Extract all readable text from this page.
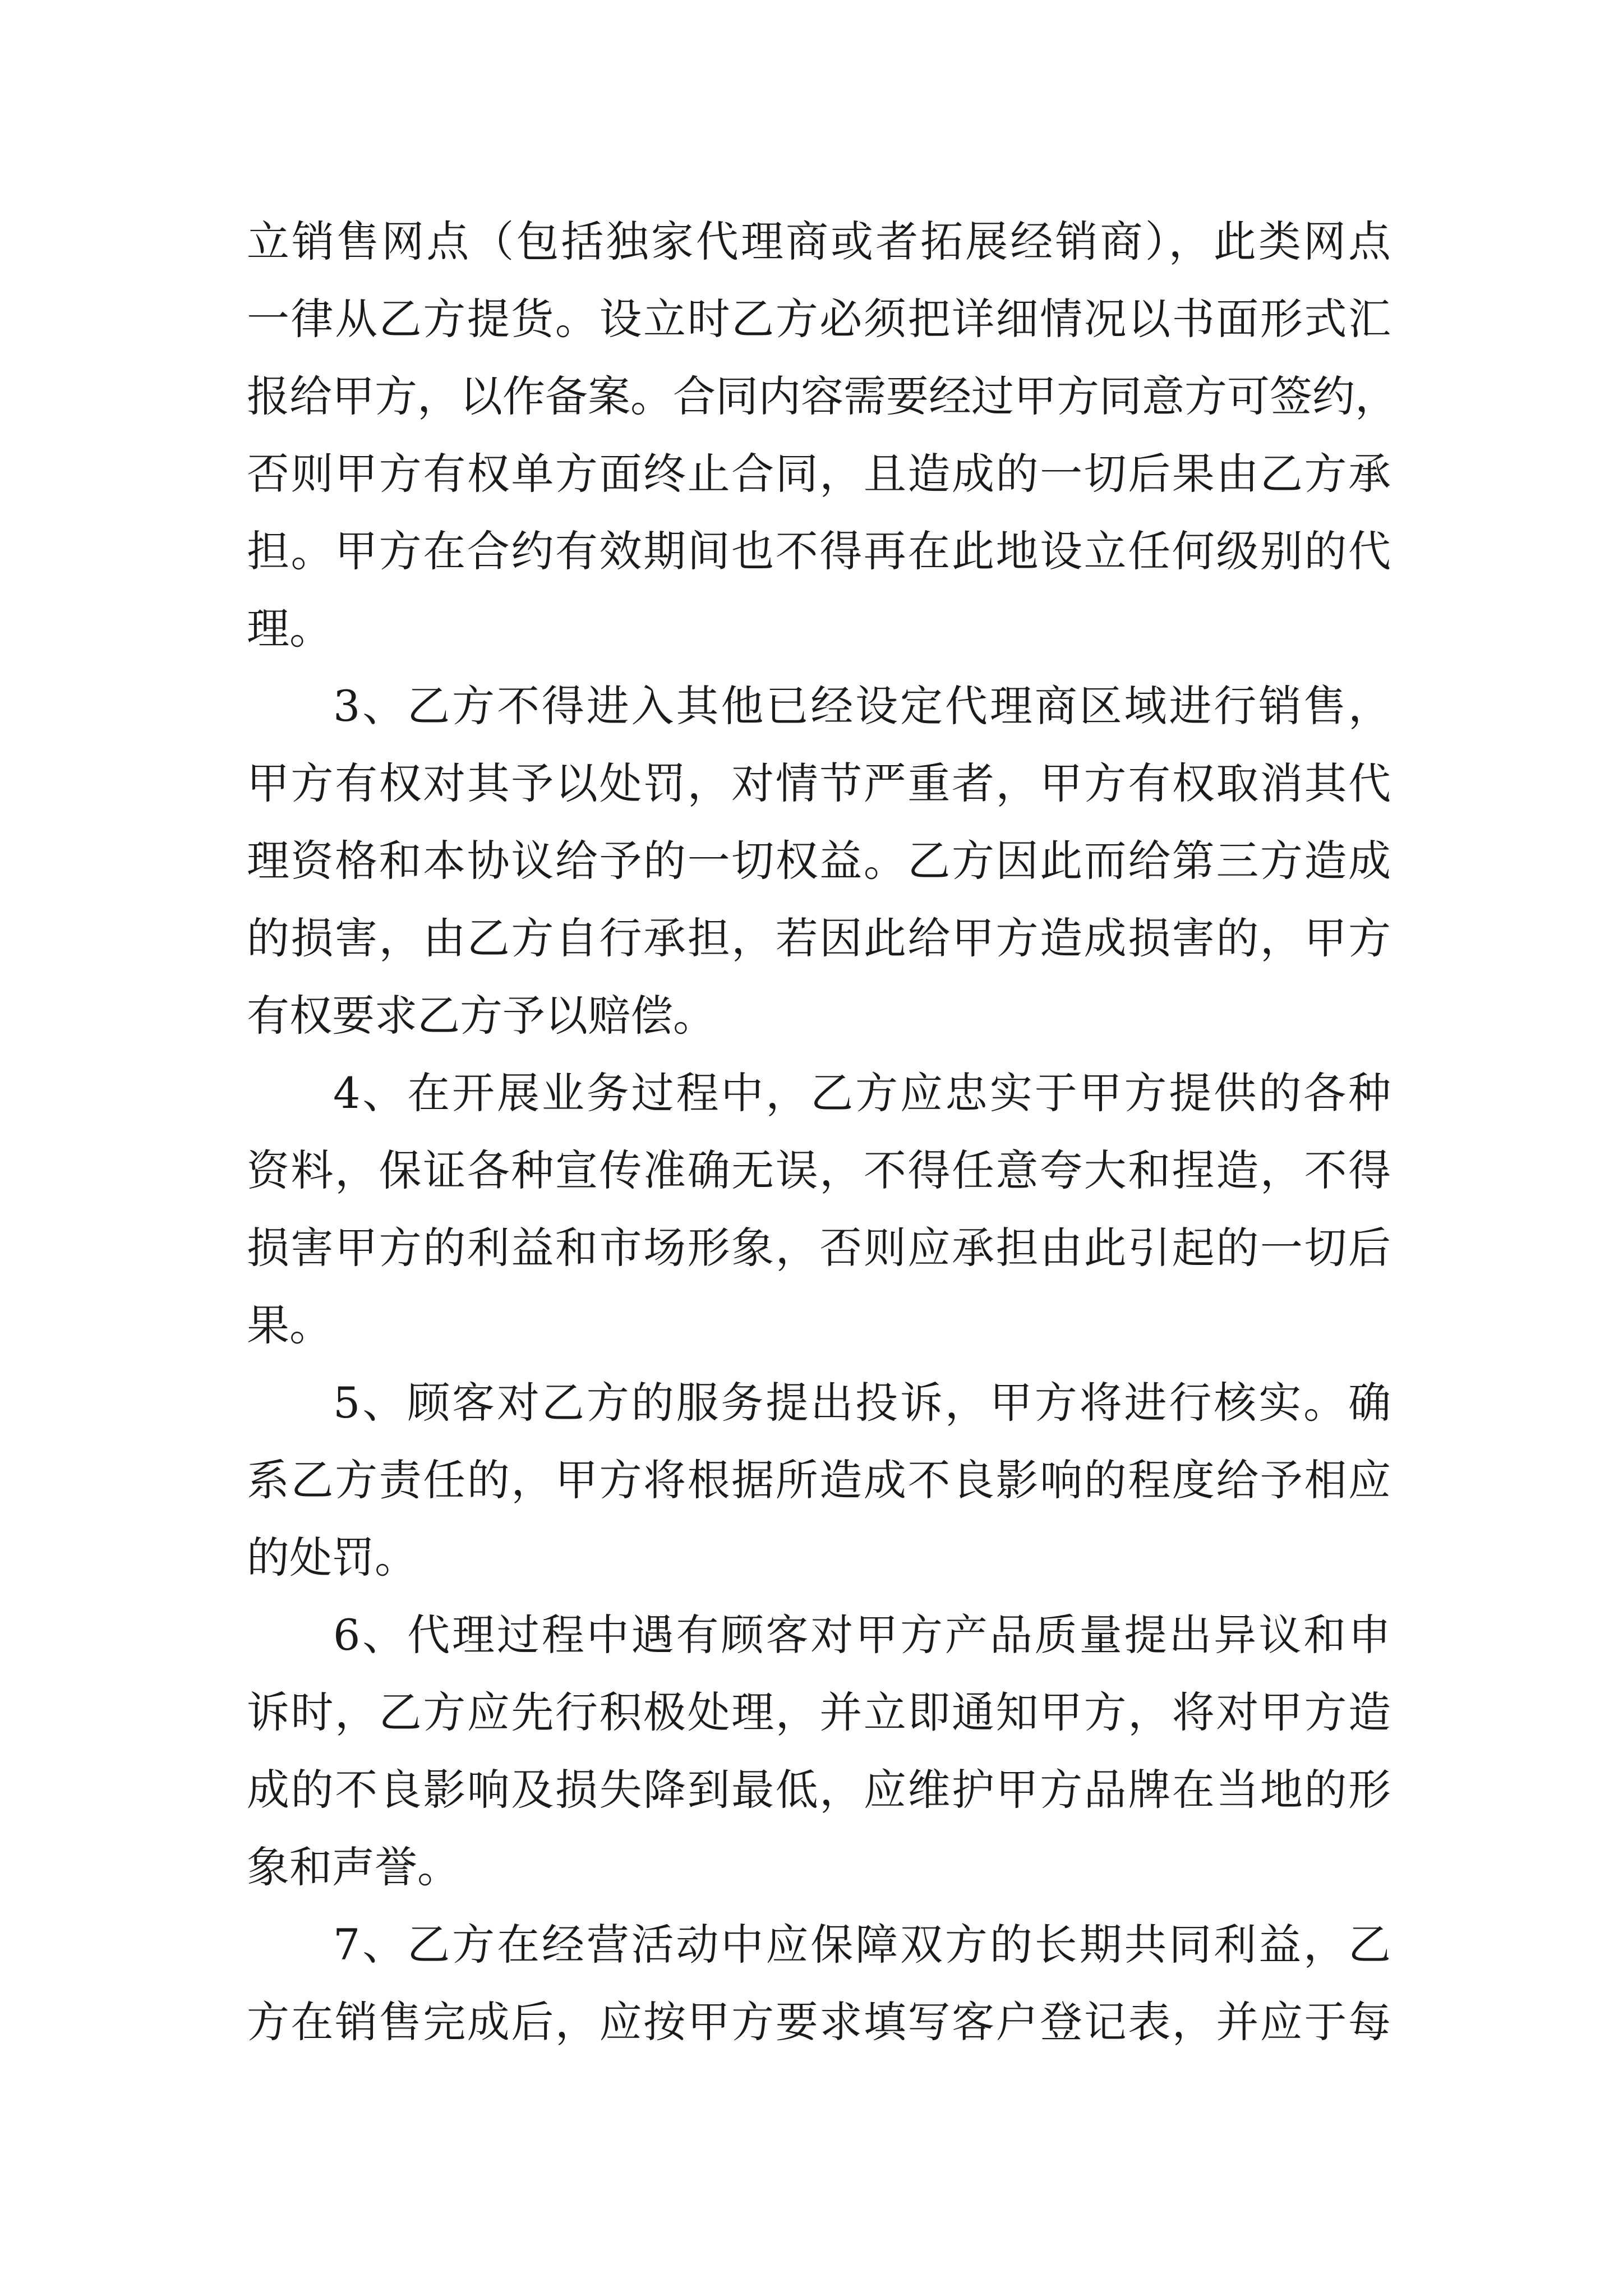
立销售网点（包括独家代理商或者拓展经销商），此类网点

一律从乙方提货。设立时乙方必须把详细情况以书面形式汇

报给甲方，以作备案。合同内容需要经过甲方同意方可签约，

否则甲方有权单方面终止合同，且造成的一切后果由乙方承

担。甲方在合约有效期间也不得再在此地设立任何级别的代

理。

3、乙方不得进入其他已经设定代理商区域进行销售，

甲方有权对其予以处罚，对情节严重者，甲方有权取消其代

理资格和本协议给予的一切权益。乙方因此而给第三方造成

的损害，由乙方自行承担，若因此给甲方造成损害的，甲方

有权要求乙方予以赔偿。

4、在开展业务过程中，乙方应忠实于甲方提供的各种

资料，保证各种宣传准确无误，不得任意夸大和捏造，不得

损害甲方的利益和市场形象，否则应承担由此引起的一切后

果。

5、顾客对乙方的服务提出投诉，甲方将进行核实。确

系乙方责任的，甲方将根据所造成不良影响的程度给予相应

的处罚。

6、代理过程中遇有顾客对甲方产品质量提出异议和申

诉时，乙方应先行积极处理，并立即通知甲方，将对甲方造

成的不良影响及损失降到最低，应维护甲方品牌在当地的形

象和声誉。

7、乙方在经营活动中应保障双方的长期共同利益，乙

方在销售完成后，应按甲方要求填写客户登记表，并应于每
